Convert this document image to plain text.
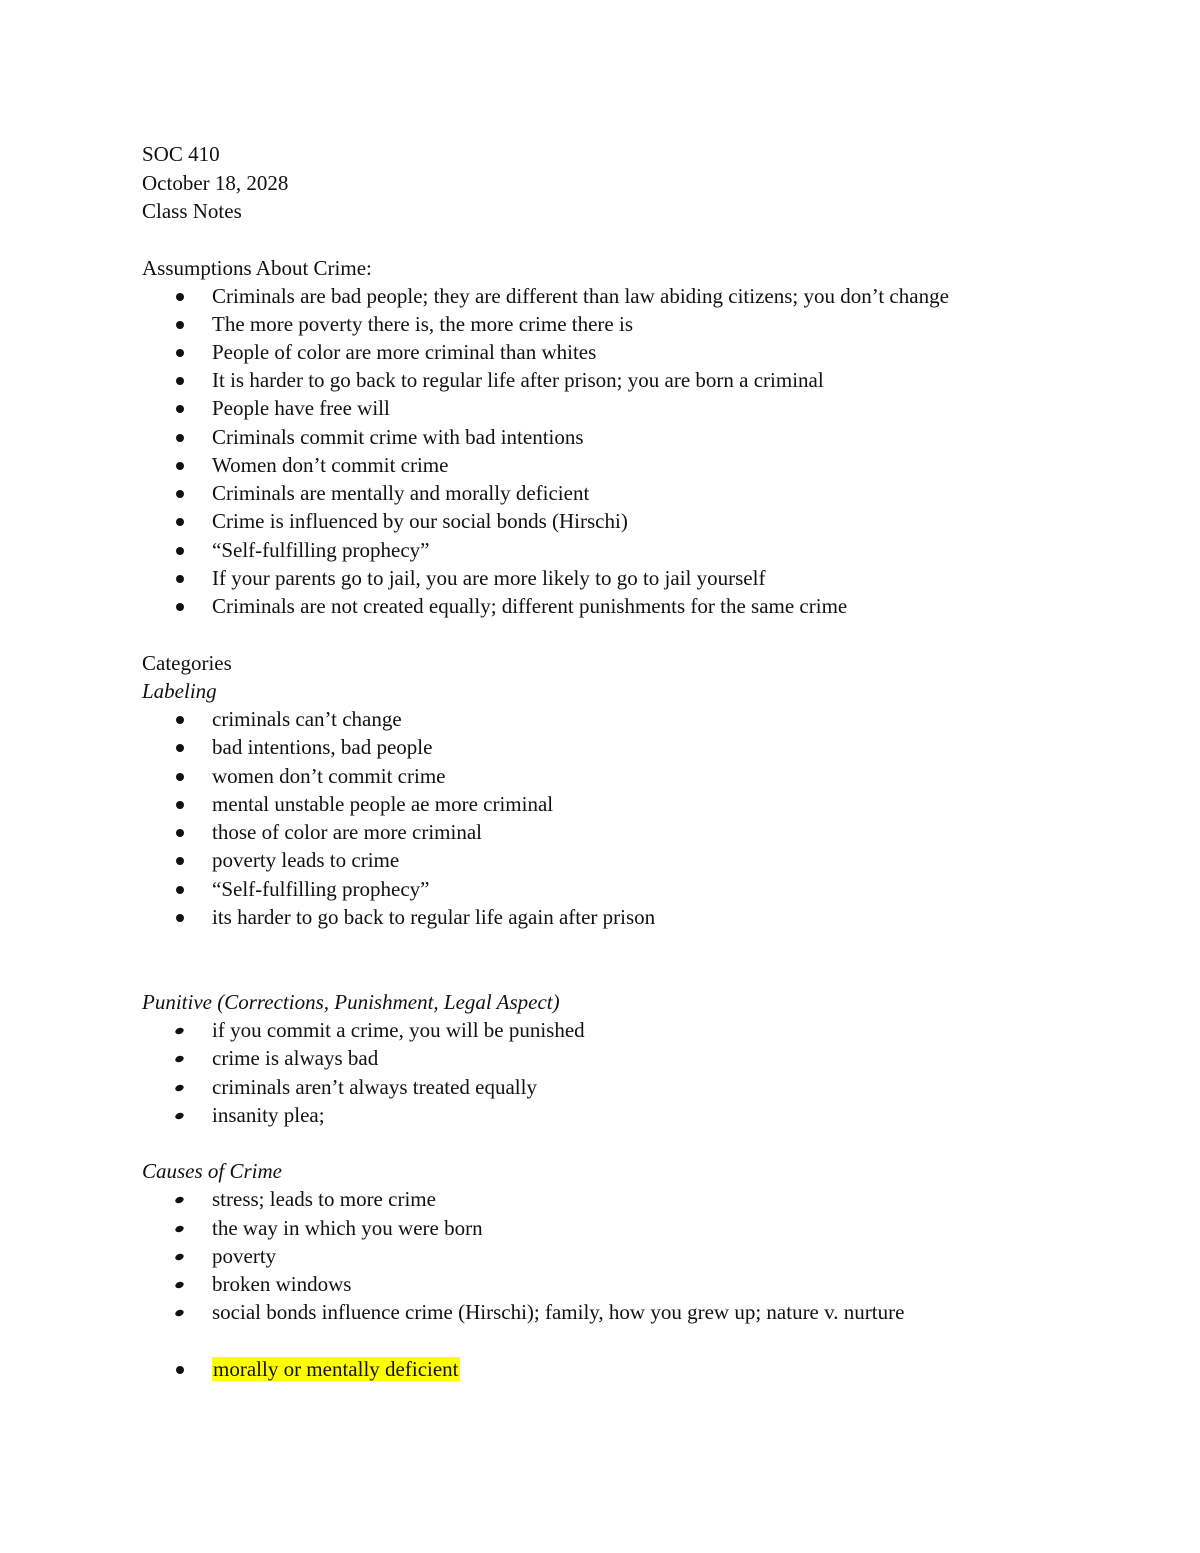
SOC 410
October 18, 2028
Class Notes
Assumptions About Crime:
Criminals are bad people; they are different than law abiding citizens; you don’t change
The more poverty there is, the more crime there is
People of color are more criminal than whites
It is harder to go back to regular life after prison; you are born a criminal
People have free will
Criminals commit crime with bad intentions
Women don’t commit crime
Criminals are mentally and morally deficient
Crime is influenced by our social bonds (Hirschi)
“Self-fulfilling prophecy”
If your parents go to jail, you are more likely to go to jail yourself
Criminals are not created equally; different punishments for the same crime
Categories
Labeling
criminals can’t change
bad intentions, bad people
women don’t commit crime
mental unstable people ae more criminal
those of color are more criminal
poverty leads to crime
“Self-fulfilling prophecy”
its harder to go back to regular life again after prison
Punitive (Corrections, Punishment, Legal Aspect)
if you commit a crime, you will be punished
crime is always bad
criminals aren’t always treated equally
insanity plea;
Causes of Crime
stress; leads to more crime
the way in which you were born
poverty
broken windows
social bonds influence crime (Hirschi); family, how you grew up; nature v. nurture
morally or mentally deficient
